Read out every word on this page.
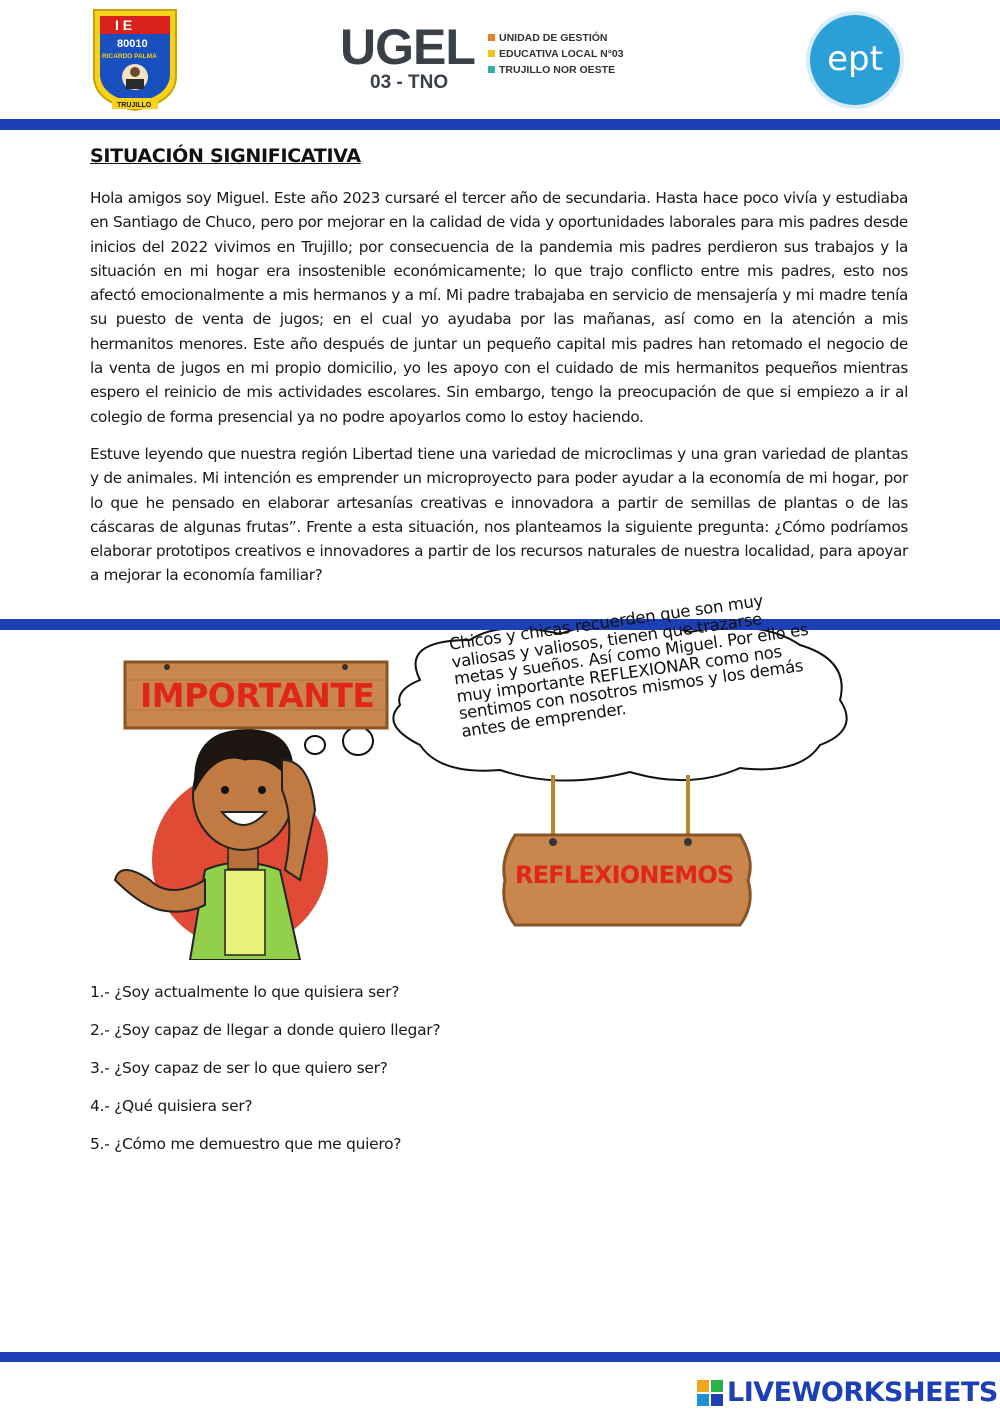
I E
80010
RICARDO PALMA
TRUJILLO
UGEL
03 - TNO
UNIDAD DE GESTIÓN
EDUCATIVA LOCAL N°03
TRUJILLO NOR OESTE	ept
SITUACIÓN SIGNIFICATIVA
Hola amigos soy Miguel. Este año 2023 cursaré el tercer año de secundaria. Hasta hace poco vivía y estudiaba en Santiago de Chuco, pero por mejorar en la calidad de vida y oportunidades laborales para mis padres desde inicios del 2022 vivimos en Trujillo; por consecuencia de la pandemia mis padres perdieron sus trabajos y la situación en mi hogar era insostenible económicamente; lo que trajo conflicto entre mis padres, esto nos afectó emocionalmente a mis hermanos y a mí. Mi padre trabajaba en servicio de mensajería y mi madre tenía su puesto de venta de jugos; en el cual yo ayudaba por las mañanas, así como en la atención a mis hermanitos menores. Este año después de juntar un pequeño capital mis padres han retomado el negocio de la venta de jugos en mi propio domicilio, yo les apoyo con el cuidado de mis hermanitos pequeños mientras espero el reinicio de mis actividades escolares. Sin embargo, tengo la preocupación de que si empiezo a ir al colegio de forma presencial ya no podre apoyarlos como lo estoy haciendo.
Estuve leyendo que nuestra región Libertad tiene una variedad de microclimas y una gran variedad de plantas y de animales. Mi intención es emprender un microproyecto para poder ayudar a la economía de mi hogar, por lo que he pensado en elaborar artesanías creativas e innovadora a partir de semillas de plantas o de las cáscaras de algunas frutas”. Frente a esta situación, nos planteamos la siguiente pregunta: ¿Cómo podríamos elaborar prototipos creativos e innovadores a partir de los recursos naturales de nuestra localidad, para apoyar a mejorar la economía familiar?
IMPORTANTE
Chicos y chicas recuerden que son muy valiosas y valiosos, tienen que trazarse metas y sueños. Así como Miguel. Por ello es muy importante REFLEXIONAR como nos sentimos con nosotros mismos y los demás antes de emprender.
REFLEXIONEMOS
1.- ¿Soy actualmente lo que quisiera ser?
2.- ¿Soy capaz de llegar a donde quiero llegar?
3.- ¿Soy capaz de ser lo que quiero ser?
4.- ¿Qué quisiera ser?
5.- ¿Cómo me demuestro que me quiero?
LIVEWORKSHEETS
